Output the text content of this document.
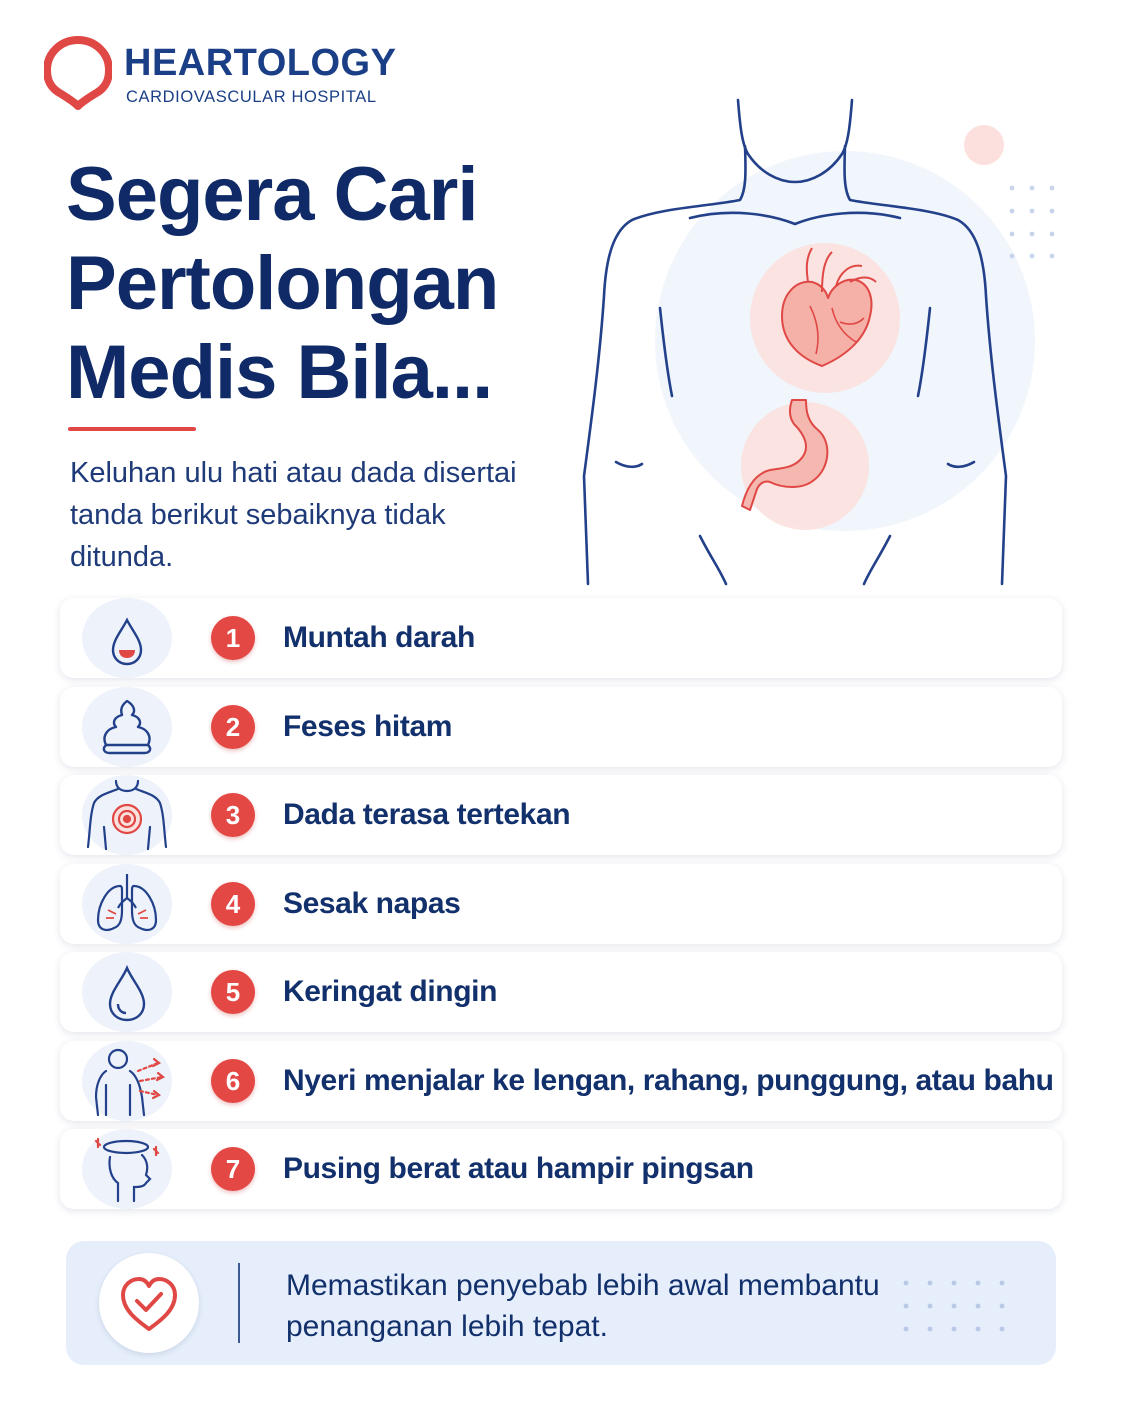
HEARTOLOGY
CARDIOVASCULAR HOSPITAL
Segera Cari
Pertolongan
Medis Bila...
Keluhan ulu hati atau dada disertai tanda berikut sebaiknya tidak ditunda.
1	Muntah darah
2	Feses hitam
3	Dada terasa tertekan
4	Sesak napas
5	Keringat dingin
6	Nyeri menjalar ke lengan, rahang, punggung, atau bahu
7	Pusing berat atau hampir pingsan
Memastikan penyebab lebih awal membantu penanganan lebih tepat.
